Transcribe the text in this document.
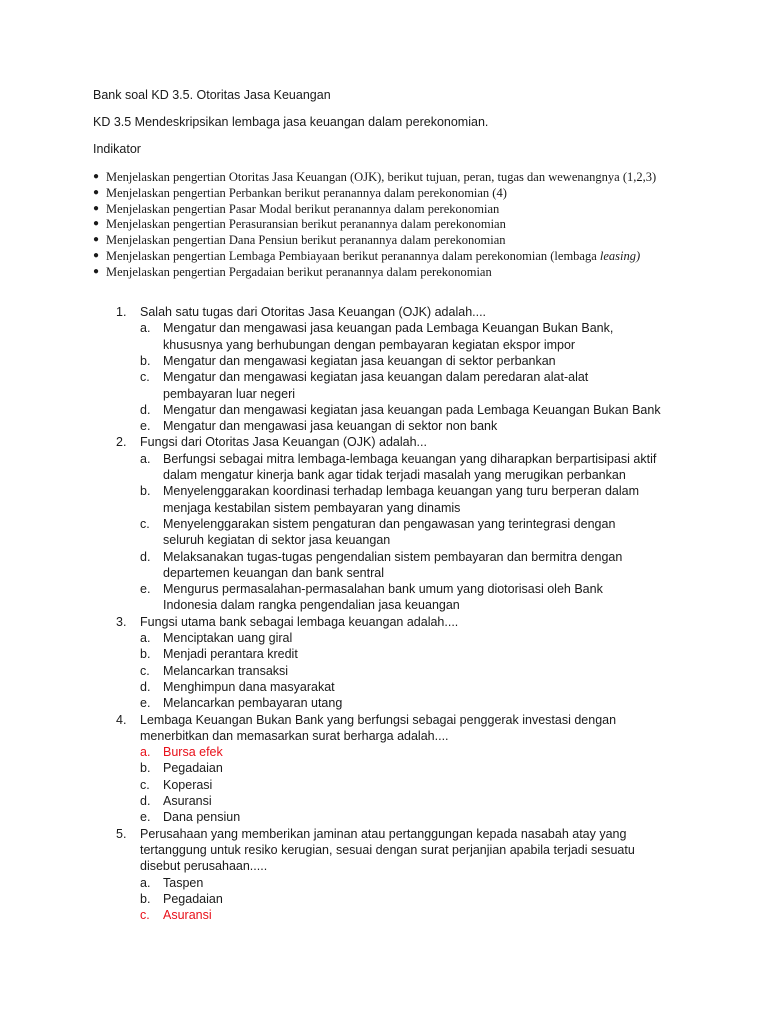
Bank soal KD 3.5. Otoritas Jasa Keuangan
KD 3.5 Mendeskripsikan lembaga jasa keuangan dalam perekonomian.
Indikator
● Menjelaskan pengertian Otoritas Jasa Keuangan (OJK), berikut tujuan, peran, tugas dan wewenangnya (1,2,3)
● Menjelaskan pengertian Perbankan berikut peranannya dalam perekonomian (4)
● Menjelaskan pengertian Pasar Modal berikut peranannya dalam perekonomian
● Menjelaskan pengertian Perasuransian berikut peranannya dalam perekonomian
● Menjelaskan pengertian Dana Pensiun berikut peranannya dalam perekonomian
● Menjelaskan pengertian Lembaga Pembiayaan berikut peranannya dalam perekonomian (lembaga leasing)
● Menjelaskan pengertian Pergadaian berikut peranannya dalam perekonomian
1. Salah satu tugas dari Otoritas Jasa Keuangan (OJK) adalah....
a. Mengatur dan mengawasi jasa keuangan pada Lembaga Keuangan Bukan Bank,
khususnya yang berhubungan dengan pembayaran kegiatan ekspor impor
b. Mengatur dan mengawasi kegiatan jasa keuangan di sektor perbankan
c. Mengatur dan mengawasi kegiatan jasa keuangan dalam peredaran alat-alat
pembayaran luar negeri
d. Mengatur dan mengawasi kegiatan jasa keuangan pada Lembaga Keuangan Bukan Bank
e. Mengatur dan mengawasi jasa keuangan di sektor non bank
2. Fungsi dari Otoritas Jasa Keuangan (OJK) adalah...
a. Berfungsi sebagai mitra lembaga-lembaga keuangan yang diharapkan berpartisipasi aktif
dalam mengatur kinerja bank agar tidak terjadi masalah yang merugikan perbankan
b. Menyelenggarakan koordinasi terhadap lembaga keuangan yang turu berperan dalam
menjaga kestabilan sistem pembayaran yang dinamis
c. Menyelenggarakan sistem pengaturan dan pengawasan yang terintegrasi dengan
seluruh kegiatan di sektor jasa keuangan
d. Melaksanakan tugas-tugas pengendalian sistem pembayaran dan bermitra dengan
departemen keuangan dan bank sentral
e. Mengurus permasalahan-permasalahan bank umum yang diotorisasi oleh Bank
Indonesia dalam rangka pengendalian jasa keuangan
3. Fungsi utama bank sebagai lembaga keuangan adalah....
a. Menciptakan uang giral
b. Menjadi perantara kredit
c. Melancarkan transaksi
d. Menghimpun dana masyarakat
e. Melancarkan pembayaran utang
4. Lembaga Keuangan Bukan Bank yang berfungsi sebagai penggerak investasi dengan
menerbitkan dan memasarkan surat berharga adalah....
a. Bursa efek
b. Pegadaian
c. Koperasi
d. Asuransi
e. Dana pensiun
5. Perusahaan yang memberikan jaminan atau pertanggungan kepada nasabah atay yang
tertanggung untuk resiko kerugian, sesuai dengan surat perjanjian apabila terjadi sesuatu
disebut perusahaan.....
a. Taspen
b. Pegadaian
c. Asuransi
